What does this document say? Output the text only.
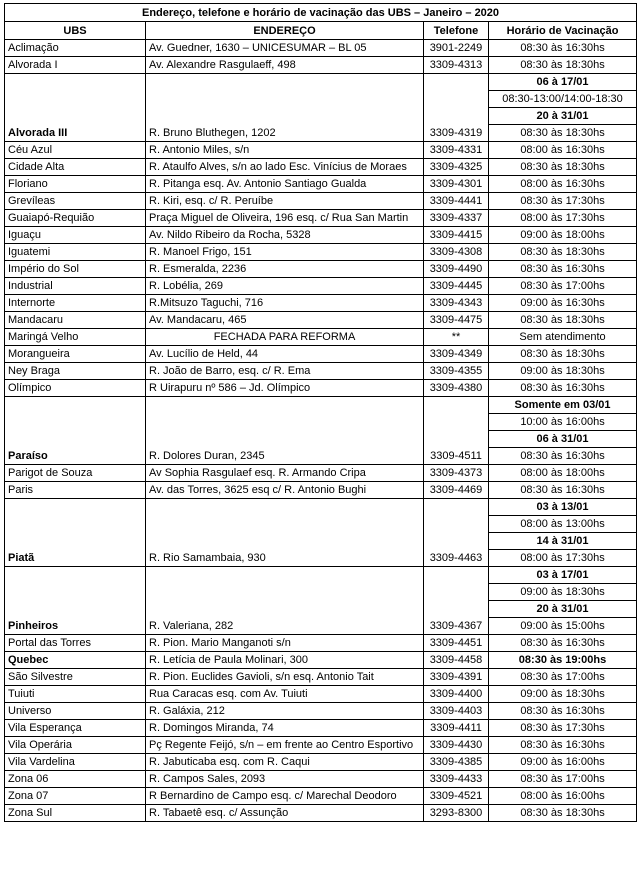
Endereço, telefone e horário de vacinação das UBS – Janeiro – 2020			
UBS	ENDEREÇO	Telefone	Horário de Vacinação
Aclimação	Av. Guedner, 1630 – UNICESUMAR – BL 05	3901-2249	08:30 às 16:30hs
Alvorada I	Av. Alexandre Rasgulaeff, 498	3309-4313	08:30 às 18:30hs
Alvorada III	R. Bruno Bluthegen, 1202	3309-4319	06 à 17/01
			08:30-13:00/14:00-18:30
			20 à 31/01
			08:30 às 18:30hs
Céu Azul	R. Antonio Miles, s/n	3309-4331	08:00 às 16:30hs
Cidade Alta	R. Ataulfo Alves, s/n ao lado Esc. Vinícius de Moraes	3309-4325	08:30 às 18:30hs
Floriano	R. Pitanga esq. Av. Antonio Santiago Gualda	3309-4301	08:00 às 16:30hs
Grevíleas	R. Kiri, esq. c/ R. Peruíbe	3309-4441	08:30 às 17:30hs
Guaiapó-Requião	Praça Miguel de Oliveira, 196 esq. c/ Rua San Martin	3309-4337	08:00 às 17:30hs
Iguaçu	Av. Nildo Ribeiro da Rocha, 5328	3309-4415	09:00 às 18:00hs
Iguatemi	R. Manoel Frigo, 151	3309-4308	08:30 às 18:30hs
Império do Sol	R. Esmeralda, 2236	3309-4490	08:30 às 16:30hs
Industrial	R. Lobélia, 269	3309-4445	08:30 às 17:00hs
Internorte	R.Mitsuzo Taguchi, 716	3309-4343	09:00 às 16:30hs
Mandacaru	Av. Mandacaru, 465	3309-4475	08:30 às 18:30hs
Maringá Velho	FECHADA PARA REFORMA	**	Sem atendimento
Morangueira	Av. Lucílio de Held, 44	3309-4349	08:30 às 18:30hs
Ney Braga	R. João de Barro, esq. c/ R. Ema	3309-4355	09:00 às 18:30hs
Olímpico	R Uirapuru nº 586 – Jd. Olímpico	3309-4380	08:30 às 16:30hs
Paraíso	R. Dolores Duran, 2345	3309-4511	Somente em 03/01
			10:00 às 16:00hs
			06 à 31/01
			08:30 às 16:30hs
Parigot de Souza	Av Sophia Rasgulaef esq. R. Armando Cripa	3309-4373	08:00 às 18:00hs
Paris	Av. das Torres, 3625 esq c/ R. Antonio Bughi	3309-4469	08:30 às 16:30hs
Piatã	R. Rio Samambaia, 930	3309-4463	03 à 13/01
			08:00 às 13:00hs
			14 à 31/01
			08:00 às 17:30hs
Pinheiros	R. Valeriana, 282	3309-4367	03 à 17/01
			09:00 às 18:30hs
			20 à 31/01
			09:00 às 15:00hs
Portal das Torres	R. Pion. Mario Manganoti s/n	3309-4451	08:30 às 16:30hs
Quebec	R. Letícia de Paula Molinari, 300	3309-4458	08:30 às 19:00hs
São Silvestre	R. Pion. Euclides Gavioli, s/n esq. Antonio Tait	3309-4391	08:30 às 17:00hs
Tuiuti	Rua Caracas esq. com Av. Tuiuti	3309-4400	09:00 às 18:30hs
Universo	R. Galáxia, 212	3309-4403	08:30 às 16:30hs
Vila Esperança	R. Domingos Miranda, 74	3309-4411	08:30 às 17:30hs
Vila Operária	Pç Regente Feijó, s/n – em frente ao Centro Esportivo	3309-4430	08:30 às 16:30hs
Vila Vardelina	R. Jabuticaba esq. com R. Caqui	3309-4385	09:00 às 16:00hs
Zona 06	R. Campos Sales, 2093	3309-4433	08:30 às 17:00hs
Zona 07	R Bernardino de Campo esq. c/ Marechal Deodoro	3309-4521	08:00 às 16:00hs
Zona Sul	R. Tabaetê esq. c/ Assunção	3293-8300	08:30 às 18:30hs
